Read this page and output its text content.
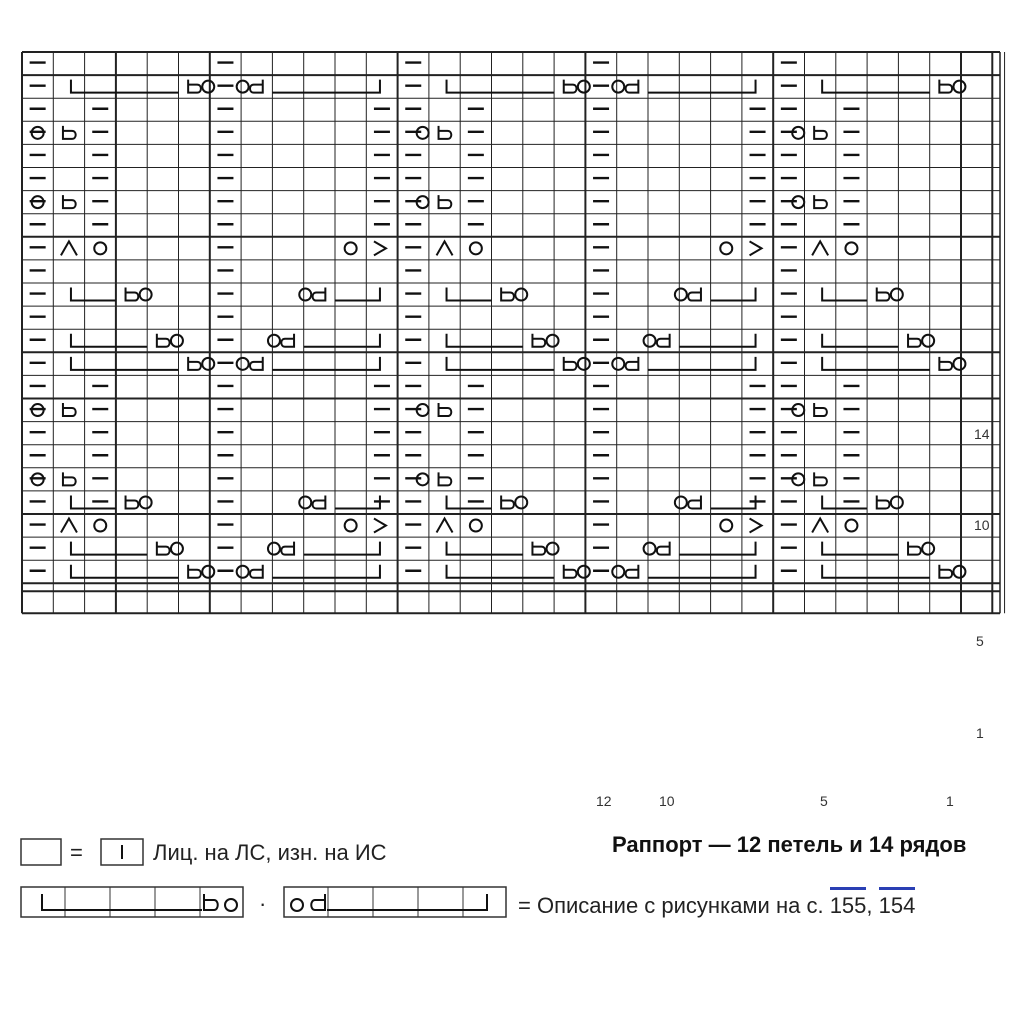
14
10
5
1
12	10	5	1
=	Лиц. на ЛС, изн. на ИС	Раппорт — 12 петель и 14 рядов
·	= Описание с рисунками на с. 155, 154
